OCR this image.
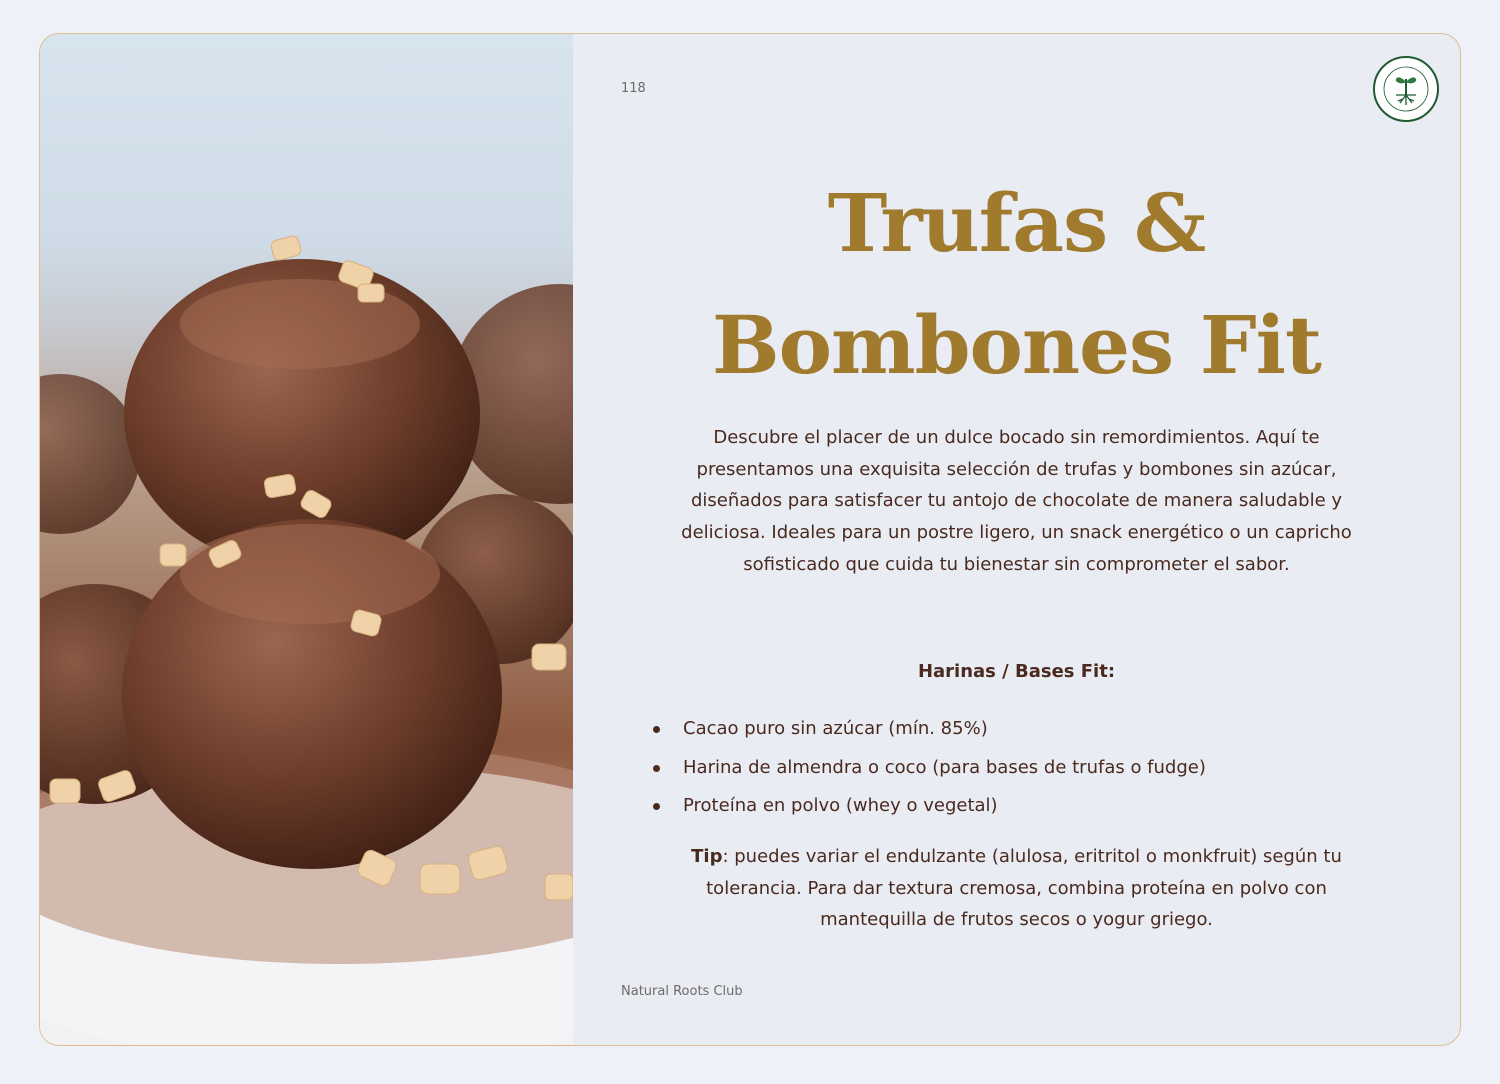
118
Trufas &
Bombones Fit

Descubre el placer de un dulce bocado sin remordimientos. Aquí te presentamos una exquisita selección de trufas y bombones sin azúcar, diseñados para satisfacer tu antojo de chocolate de manera saludable y deliciosa. Ideales para un postre ligero, un snack energético o un capricho sofisticado que cuida tu bienestar sin comprometer el sabor.

Harinas / Bases Fit:
Cacao puro sin azúcar (mín. 85%)
Harina de almendra o coco (para bases de trufas o fudge)
Proteína en polvo (whey o vegetal)

Tip: puedes variar el endulzante (alulosa, eritritol o monkfruit) según tu tolerancia. Para dar textura cremosa, combina proteína en polvo con mantequilla de frutos secos o yogur griego.

Natural Roots Club
